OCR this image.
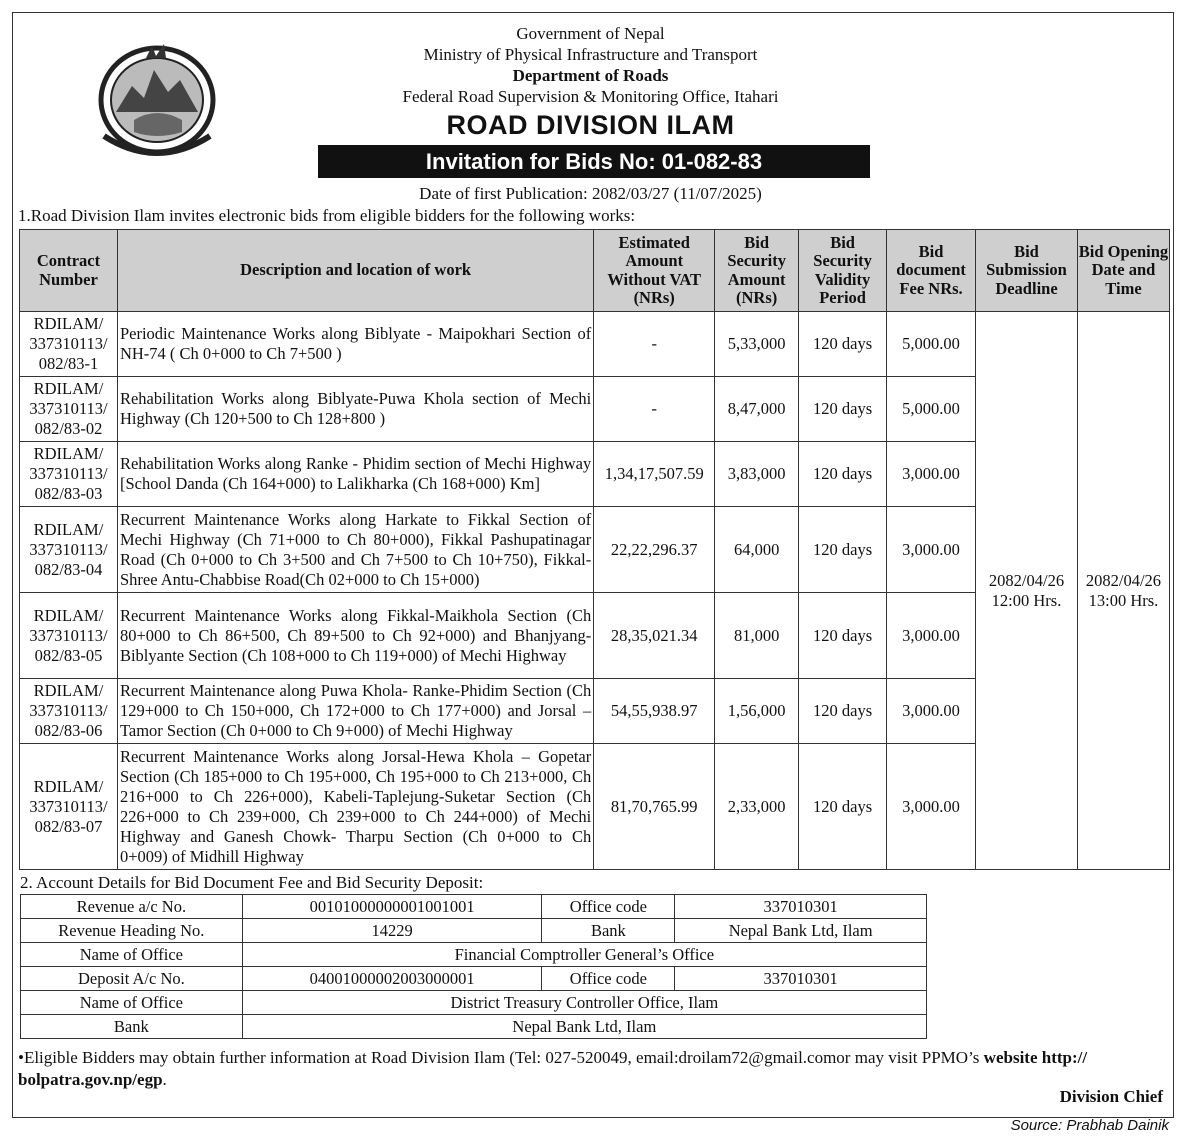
Government of Nepal
Ministry of Physical Infrastructure and Transport
Department of Roads
Federal Road Supervision & Monitoring Office, Itahari
ROAD DIVISION ILAM
Invitation for Bids No: 01-082-83
Date of first Publication: 2082/03/27 (11/07/2025)
1.Road Division Ilam invites electronic bids from eligible bidders for the following works:
Contract Number	Description and location of work	Estimated Amount Without VAT (NRs)	Bid Security Amount (NRs)	Bid Security Validity Period	Bid document Fee NRs.	Bid Submission Deadline	Bid Opening Date and Time
RDILAM/ 337310113/ 082/83-1	Periodic Maintenance Works along Biblyate - Maipokhari Section of NH-74 ( Ch 0+000 to Ch 7+500 )	-	5,33,000	120 days	5,000.00	2082/04/26 12:00 Hrs.	2082/04/26 13:00 Hrs.
RDILAM/ 337310113/ 082/83-02	Rehabilitation Works along Biblyate-Puwa Khola section of Mechi Highway (Ch 120+500 to Ch 128+800 )	-	8,47,000	120 days	5,000.00		
RDILAM/ 337310113/ 082/83-03	Rehabilitation Works along Ranke - Phidim section of Mechi Highway [School Danda (Ch 164+000) to Lalikharka (Ch 168+000) Km]	1,34,17,507.59	3,83,000	120 days	3,000.00		
RDILAM/ 337310113/ 082/83-04	Recurrent Maintenance Works along Harkate to Fikkal Section of Mechi Highway (Ch 71+000 to Ch 80+000), Fikkal Pashupatinagar Road (Ch 0+000 to Ch 3+500 and Ch 7+500 to Ch 10+750), Fikkal-Shree Antu-Chabbise Road(Ch 02+000 to Ch 15+000)	22,22,296.37	64,000	120 days	3,000.00		
RDILAM/ 337310113/ 082/83-05	Recurrent Maintenance Works along Fikkal-Maikhola Section (Ch 80+000 to Ch 86+500, Ch 89+500 to Ch 92+000) and Bhanjyang-Biblyante Section (Ch 108+000 to Ch 119+000) of Mechi Highway	28,35,021.34	81,000	120 days	3,000.00		
RDILAM/ 337310113/ 082/83-06	Recurrent Maintenance along Puwa Khola- Ranke-Phidim Section (Ch 129+000 to Ch 150+000, Ch 172+000 to Ch 177+000) and Jorsal –Tamor Section (Ch 0+000 to Ch 9+000) of Mechi Highway	54,55,938.97	1,56,000	120 days	3,000.00		
RDILAM/ 337310113/ 082/83-07	Recurrent Maintenance Works along Jorsal-Hewa Khola – Gopetar Section (Ch 185+000 to Ch 195+000, Ch 195+000 to Ch 213+000, Ch 216+000 to Ch 226+000), Kabeli-Taplejung-Suketar Section (Ch 226+000 to Ch 239+000, Ch 239+000 to Ch 244+000) of Mechi Highway and Ganesh Chowk- Tharpu Section (Ch 0+000 to Ch 0+009) of Midhill Highway	81,70,765.99	2,33,000	120 days	3,000.00		
2. Account Details for Bid Document Fee and Bid Security Deposit:
Revenue a/c No.	00101000000001001001	Office code	337010301
Revenue Heading No.	14229	Bank	Nepal Bank Ltd, Ilam
Name of Office	Financial Comptroller General’s Office		
Deposit A/c No.	04001000002003000001	Office code	337010301
Name of Office	District Treasury Controller Office, Ilam		
Bank	Nepal Bank Ltd, Ilam		
•Eligible Bidders may obtain further information at Road Division Ilam (Tel: 027-520049, email:droilam72@gmail.comor may visit PPMO’s website http:// bolpatra.gov.np/egp.
Division Chief
Source: Prabhab Dainik
